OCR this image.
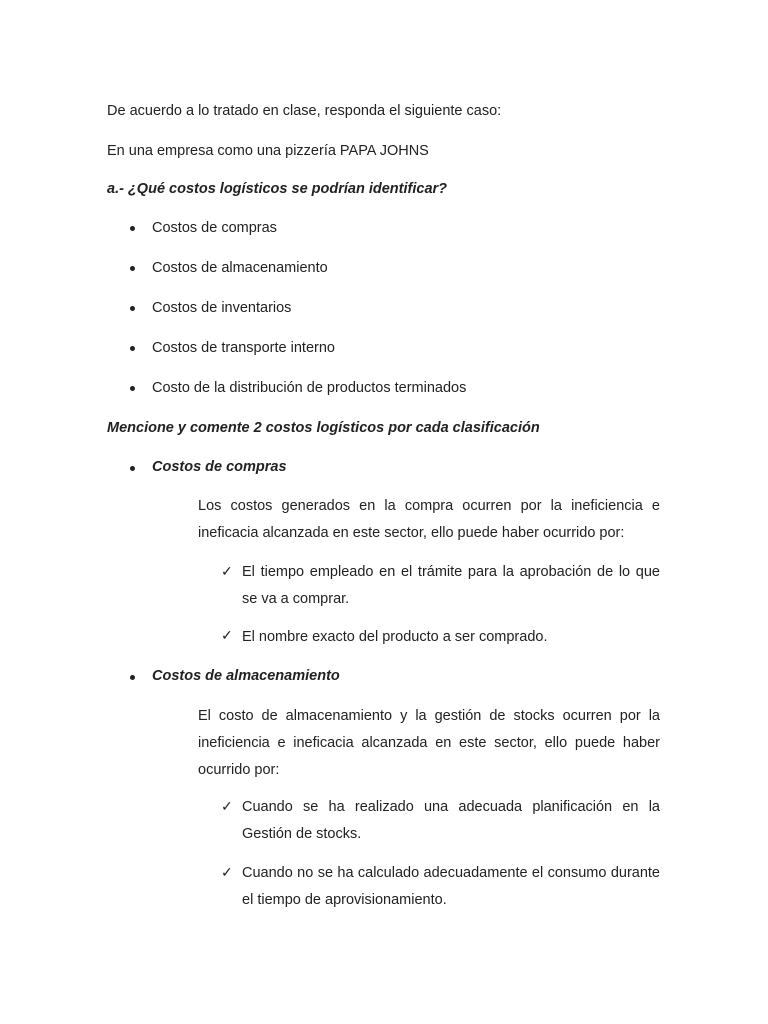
De acuerdo a lo tratado en clase, responda el siguiente caso:
En una empresa como una pizzería PAPA JOHNS
a.- ¿Qué costos logísticos se podrían identificar?
Costos de compras
Costos de almacenamiento
Costos de inventarios
Costos de transporte interno
Costo de la distribución de productos terminados
Mencione y comente 2 costos logísticos por cada clasificación
Costos de compras
Los costos generados en la compra ocurren por la ineficiencia e ineficacia alcanzada en este sector, ello puede haber ocurrido por:
✓ El tiempo empleado en el trámite para la aprobación de lo que se va a comprar.
✓ El nombre exacto del producto a ser comprado.
Costos de almacenamiento
El costo de almacenamiento y la gestión de stocks ocurren por la ineficiencia e ineficacia alcanzada en este sector, ello puede haber ocurrido por:
✓ Cuando se ha realizado una adecuada planificación en la Gestión de stocks.
✓ Cuando no se ha calculado adecuadamente el consumo durante el tiempo de aprovisionamiento.
